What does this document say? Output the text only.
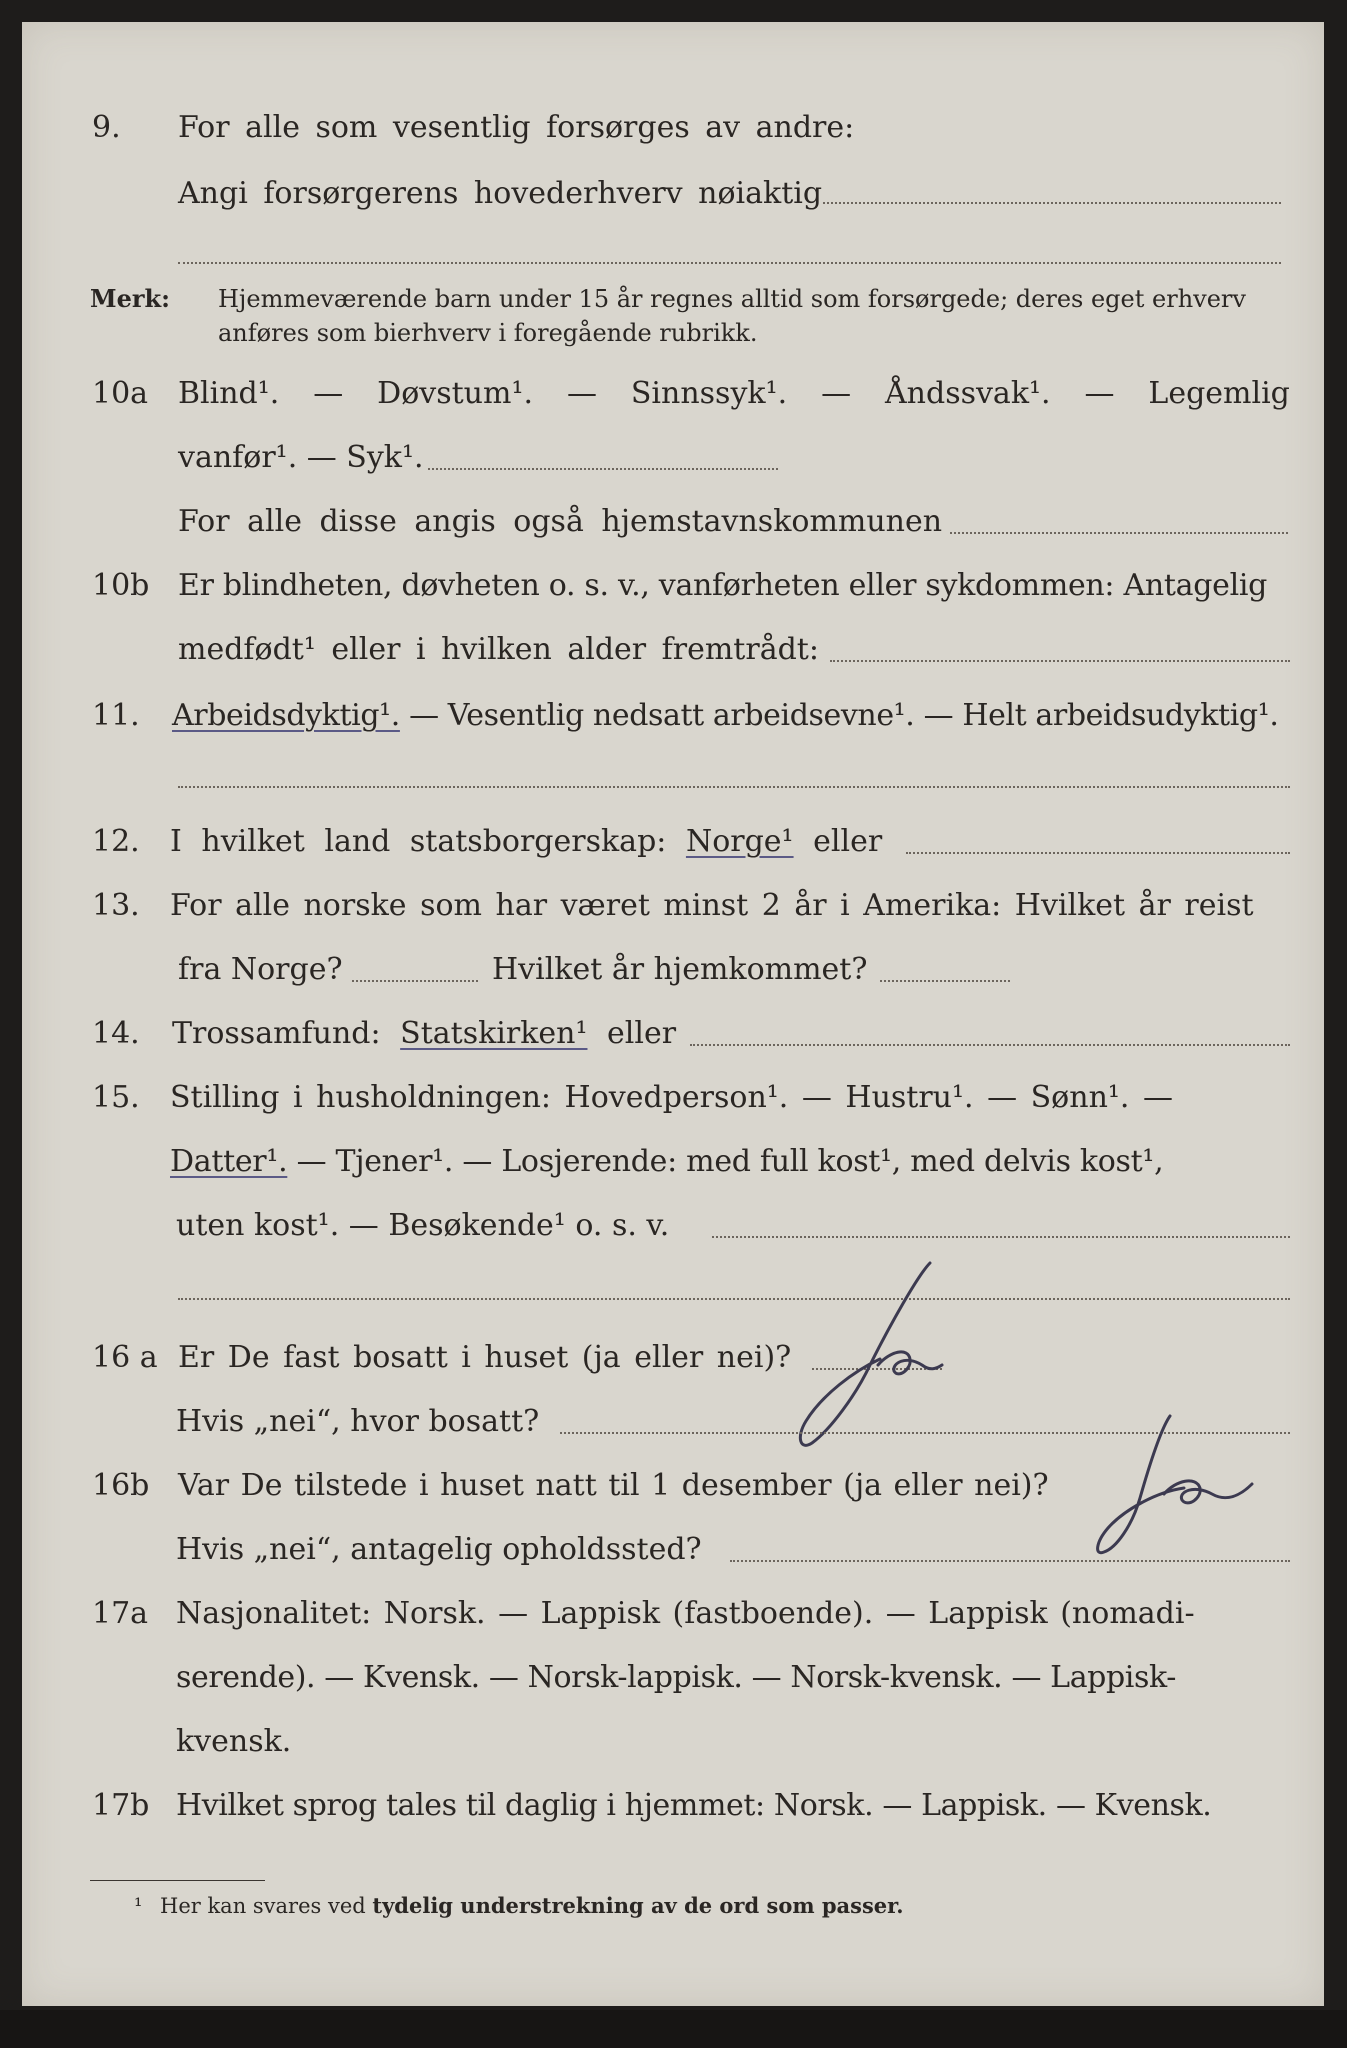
9. For alle som vesentlig forsørges av andre:
Angi forsørgerens hovederhverv nøiaktig
Merk: Hjemmeværende barn under 15 år regnes alltid som forsørgede; deres eget erhverv
anføres som bierhverv i foregående rubrikk.
10a Blind¹. — Døvstum¹. — Sinnssyk¹. — Åndssvak¹. — Legemlig
vanfør¹. — Syk¹.
For alle disse angis også hjemstavnskommunen
10b Er blindheten, døvheten o. s. v., vanførheten eller sykdommen: Antagelig
medfødt¹ eller i hvilken alder fremtrådt:
11. Arbeidsdyktig¹. — Vesentlig nedsatt arbeidsevne¹. — Helt arbeidsudyktig¹.
12. I hvilket land statsborgerskap: Norge¹ eller
13. For alle norske som har været minst 2 år i Amerika: Hvilket år reist
fra Norge?	Hvilket år hjemkommet?
14. Trossamfund: Statskirken¹ eller
15. Stilling i husholdningen: Hovedperson¹. — Hustru¹. — Sønn¹. —
Datter¹. — Tjener¹. — Losjerende: med full kost¹, med delvis kost¹,
uten kost¹. — Besøkende¹ o. s. v.
16 a Er De fast bosatt i huset (ja eller nei)?
Hvis „nei“, hvor bosatt?
16b Var De tilstede i huset natt til 1 desember (ja eller nei)?
Hvis „nei“, antagelig opholdssted?
17a Nasjonalitet: Norsk. — Lappisk (fastboende). — Lappisk (nomadi-
serende). — Kvensk. — Norsk-lappisk. — Norsk-kvensk. — Lappisk-
kvensk.
17b Hvilket sprog tales til daglig i hjemmet: Norsk. — Lappisk. — Kvensk.
¹ Her kan svares ved tydelig understrekning av de ord som passer.
